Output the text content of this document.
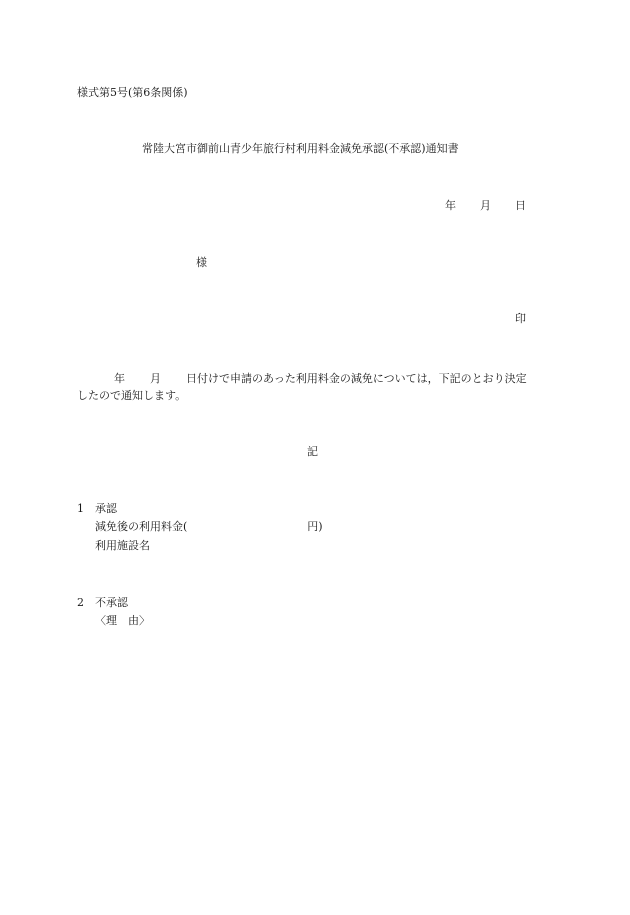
様式第5号(第6条関係)
常陸大宮市御前山青少年旅行村利用料金減免承認(不承認)通知書
年 月 日
様
印
年 月 日付けで申請のあった利用料金の減免については，下記のとおり決定
したので通知します。
記
1 承認
減免後の利用料金(	円)
利用施設名
2 不承認
〈理　由〉
